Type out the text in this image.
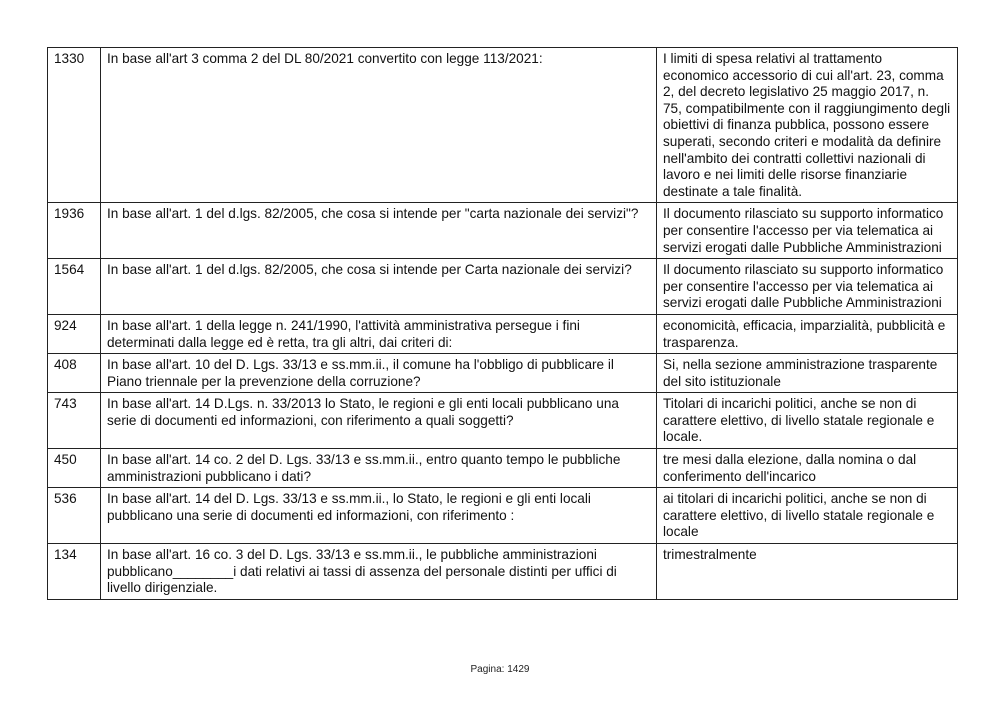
1330	In base all'art 3 comma 2 del DL 80/2021 convertito con legge 113/2021:	I limiti di spesa relativi al trattamento economico accessorio di cui all'art. 23, comma 2, del decreto legislativo 25 maggio 2017, n. 75, compatibilmente con il raggiungimento degli obiettivi di finanza pubblica, possono essere superati, secondo criteri e modalità da definire nell'ambito dei contratti collettivi nazionali di lavoro e nei limiti delle risorse finanziarie destinate a tale finalità.
1936	In base all'art. 1 del d.lgs. 82/2005, che cosa si intende per "carta nazionale dei servizi"?	Il documento rilasciato su supporto informatico per consentire l'accesso per via telematica ai servizi erogati dalle Pubbliche Amministrazioni
1564	In base all'art. 1 del d.lgs. 82/2005, che cosa si intende per Carta nazionale dei servizi?	Il documento rilasciato su supporto informatico per consentire l'accesso per via telematica ai servizi erogati dalle Pubbliche Amministrazioni
924	In base all'art. 1 della legge n. 241/1990, l'attività amministrativa persegue i fini determinati dalla legge ed è retta, tra gli altri, dai criteri di:	economicità, efficacia, imparzialità, pubblicità e trasparenza.
408	In base all'art. 10 del D. Lgs. 33/13 e ss.mm.ii., il comune ha l'obbligo di pubblicare il Piano triennale per la prevenzione della corruzione?	Si, nella sezione amministrazione trasparente del sito istituzionale
743	In base all'art. 14 D.Lgs. n. 33/2013 lo Stato, le regioni e gli enti locali pubblicano una serie di documenti ed informazioni, con riferimento a quali soggetti?	Titolari di incarichi politici, anche se non di carattere elettivo, di livello statale regionale e locale.
450	In base all'art. 14 co. 2 del D. Lgs. 33/13 e ss.mm.ii., entro quanto tempo le pubbliche amministrazioni pubblicano i dati?	tre mesi dalla elezione, dalla nomina o dal conferimento dell'incarico
536	In base all'art. 14 del D. Lgs. 33/13 e ss.mm.ii., lo Stato, le regioni e gli enti locali pubblicano una serie di documenti ed informazioni, con riferimento :	ai titolari di incarichi politici, anche se non di carattere elettivo, di livello statale regionale e locale
134	In base all'art. 16 co. 3 del D. Lgs. 33/13 e ss.mm.ii., le pubbliche amministrazioni pubblicano________i dati relativi ai tassi di assenza del personale distinti per uffici di livello dirigenziale.	trimestralmente
Pagina: 1429
